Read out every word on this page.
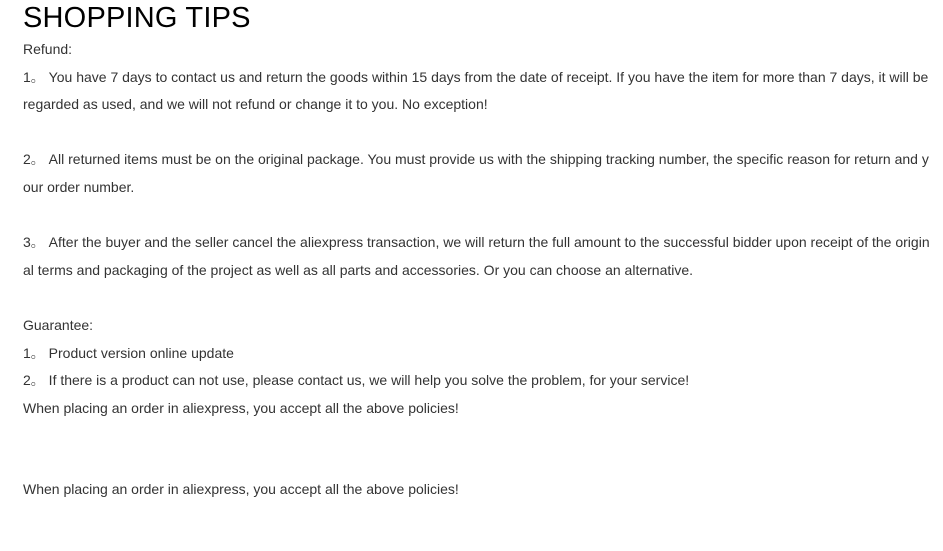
SHOPPING TIPS

Refund:

1。 You have 7 days to contact us and return the goods within 15 days from the date of receipt. If you have the item for more than 7 days, it will be regarded as used, and we will not refund or change it to you. No exception!

2。 All returned items must be on the original package. You must provide us with the shipping tracking number, the specific reason for return and your order number.

3。 After the buyer and the seller cancel the aliexpress transaction, we will return the full amount to the successful bidder upon receipt of the original terms and packaging of the project as well as all parts and accessories. Or you can choose an alternative.

Guarantee:

1。 Product version online update

2。 If there is a product can not use, please contact us, we will help you solve the problem, for your service!

When placing an order in aliexpress, you accept all the above policies!

When placing an order in aliexpress, you accept all the above policies!
